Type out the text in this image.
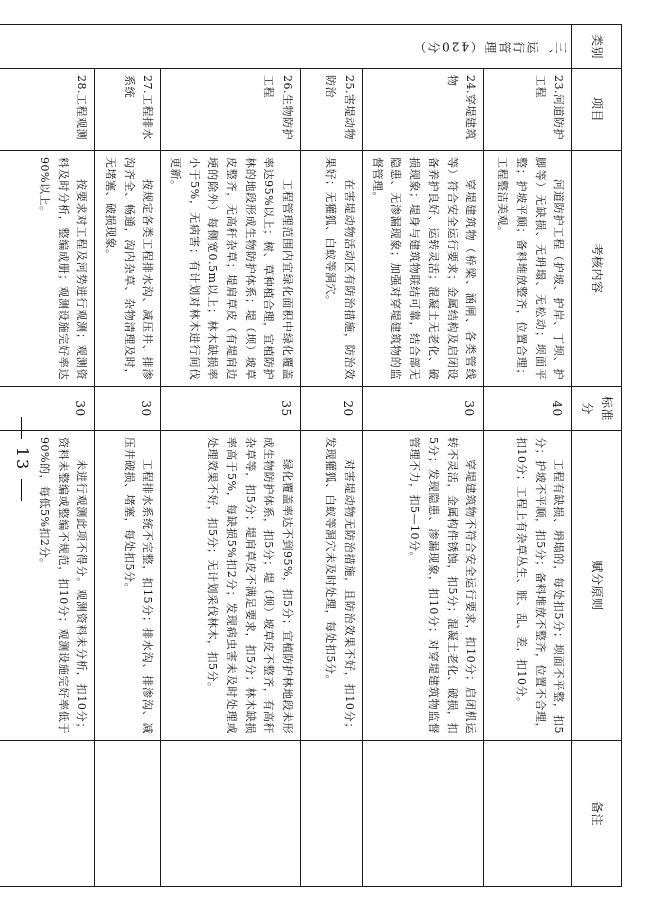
类别	项目	考核内容	标准分	赋分原则	备注
三、运行管理（420分）	23.河道防护工程	河道防护工程（护坡、护岸、丁坝、护脚等）无缺损、无坍塌、无松动；坝面平整；护坡平顺；备料堆放整齐，位置合理；工程整洁美观。	40	工程有缺损、坍塌的，每处扣5分；坝面不平整，扣5分；护坡不平顺，扣5分；备料堆放不整齐，位置不合理，扣10分；工程上有杂草丛生、脏、乱、差，扣10分。	
	24.穿堤建筑物	穿堤建筑物（桥梁、涵闸、各类管线等）符合安全运行要求；金属结构及启闭设备养护良好、运转灵活；混凝土无老化、破损现象；堤身与建筑物联结可靠，结合部无隐患、无渗漏现象；加强对穿堤建筑物的监督管理。	30	穿堤建筑物不符合安全运行要求，扣10分；启闭机运转不灵活，金属构件锈蚀，扣5分；混凝土老化、破损，扣5分；发现隐患、渗漏现象，扣10分；对穿堤建筑物监督管理不力，扣5—10分。	
	25.害堤动物防治	在害堤动物活动区有防治措施，防治效果好；无獾狐、白蚁等洞穴。	20	对害堤动物无防治措施，且防治效果不好，扣10分；发现獾狐、白蚁等洞穴未及时处理，每处扣5分。	
	26.生物防护工程	工程管理范围内宜绿化面积中绿化覆盖率达95%以上；树、草种植合理，宜植防护林的地段形成生物防护体系；堤（坝）坡草皮整齐，无高秆杂草；堤肩草皮（有堤肩边埂的除外）每侧宽0.5m以上；林木缺损率小于5%，无病害；有计划对林木进行间伐更新。	35	绿化覆盖率达不到95%，扣5分；宜植防护林地段未形成生物防护体系，扣5分；堤（坝）坡草皮不整齐，有高秆杂草等，扣5分；堤肩草皮不满足要求，扣5分；林木缺损率高于5%，每缺损5%扣2分；发现病虫害未及时处理或处理效果不好，扣5分；无计划采伐林木，扣5分。	
	27.工程排水系统	按规定各类工程排水沟、减压井、排渗沟齐全、畅通，沟内杂草、杂物清理及时，无堵塞、破损现象。	30	工程排水系统不完整，扣15分；排水沟、排渗沟、减压井破损、堵塞，每处扣5分。	
	28.工程观测	按要求对工程及河势进行观测；观测资料及时分析，整编成册；观测设施完好率达90%以上。	30	未进行观测此项不得分。观测资料未分析，扣10分；资料未整编或整编不规范，扣10分；观测设施完好率低于90%的，每低5%扣2分。	
13
